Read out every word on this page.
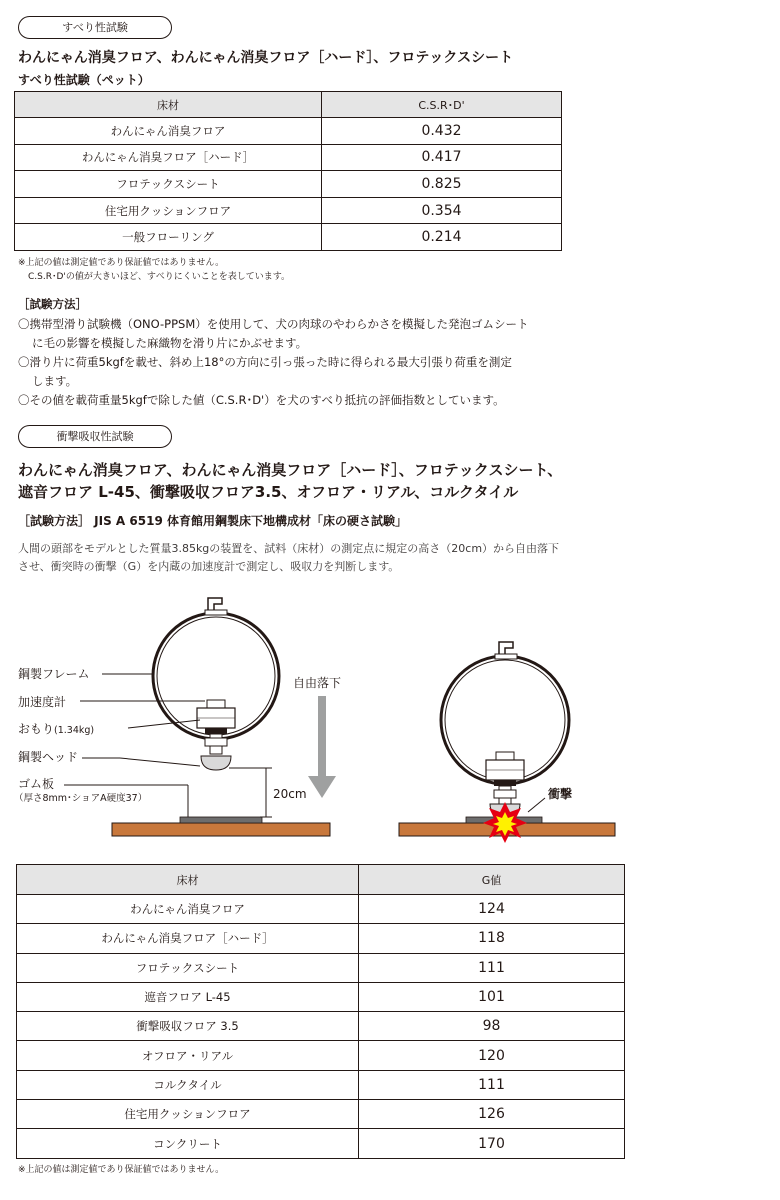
すべり性試験
わんにゃん消臭フロア、わんにゃん消臭フロア［ハード］、フロテックスシート
すべり性試験（ペット）
床材	C.S.R･D'
わんにゃん消臭フロア	0.432
わんにゃん消臭フロア［ハード］	0.417
フロテックスシート	0.825
住宅用クッションフロア	0.354
一般フローリング	0.214
※上記の値は測定値であり保証値ではありません。
C.S.R･D'の値が大きいほど、すべりにくいことを表しています。
［試験方法］
〇携帯型滑り試験機（ONO-PPSM）を使用して、犬の肉球のやわらかさを模擬した発泡ゴムシート
に毛の影響を模擬した麻織物を滑り片にかぶせます。
〇滑り片に荷重5kgfを載せ、斜め上18°の方向に引っ張った時に得られる最大引張り荷重を測定
します。
〇その値を載荷重量5kgfで除した値（C.S.R･D'）を犬のすべり抵抗の評価指数としています。
衝撃吸収性試験
わんにゃん消臭フロア、わんにゃん消臭フロア［ハード］、フロテックスシート、
遮音フロア L-45、衝撃吸収フロア3.5、オフロア・リアル、コルクタイル
［試験方法］ JIS A 6519 体育館用鋼製床下地構成材「床の硬さ試験」
人間の頭部をモデルとした質量3.85kgの装置を、試料（床材）の測定点に規定の高さ（20cm）から自由落下
させ、衝突時の衝撃（G）を内蔵の加速度計で測定し、吸収力を判断します。
鋼製フレーム
加速度計
おもり(1.34kg)
鋼製ヘッド
ゴム板
（厚さ8mm･ショアA硬度37）
自由落下
20cm	衝撃
床材	G値
わんにゃん消臭フロア	124
わんにゃん消臭フロア［ハード］	118
フロテックスシート	111
遮音フロア L-45	101
衝撃吸収フロア 3.5	98
オフロア・リアル	120
コルクタイル	111
住宅用クッションフロア	126
コンクリート	170
※上記の値は測定値であり保証値ではありません。
